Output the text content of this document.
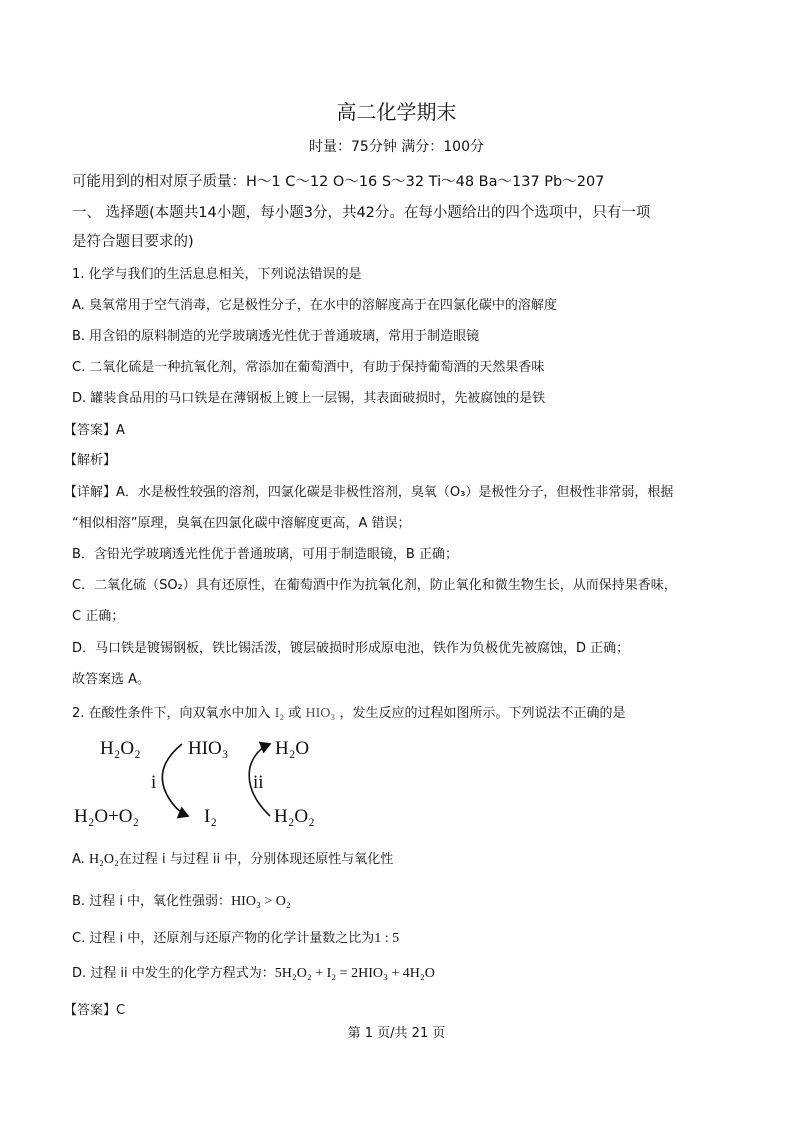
高二化学期末
时量：75分钟 满分：100分
可能用到的相对原子质量：H～1 C～12 O～16 S～32 Ti～48 Ba～137 Pb～207
一、 选择题(本题共14小题，每小题3分，共42分。在每小题给出的四个选项中，只有一项
是符合题目要求的)
1. 化学与我们的生活息息相关，下列说法错误的是
A. 臭氧常用于空气消毒，它是极性分子，在水中的溶解度高于在四氯化碳中的溶解度
B. 用含铅的原料制造的光学玻璃透光性优于普通玻璃，常用于制造眼镜
C. 二氧化硫是一种抗氧化剂，常添加在葡萄酒中，有助于保持葡萄酒的天然果香味
D. 罐装食品用的马口铁是在薄钢板上镀上一层锡，其表面破损时，先被腐蚀的是铁
【答案】A
【解析】
【详解】A．水是极性较强的溶剂，四氯化碳是非极性溶剂，臭氧（O₃）是极性分子，但极性非常弱，根据
“相似相溶”原理，臭氧在四氯化碳中溶解度更高，A 错误；
B．含铅光学玻璃透光性优于普通玻璃，可用于制造眼镜，B 正确；
C．二氧化硫（SO₂）具有还原性，在葡萄酒中作为抗氧化剂，防止氧化和微生物生长，从而保持果香味，
C 正确；
D．马口铁是镀锡钢板，铁比锡活泼，镀层破损时形成原电池，铁作为负极优先被腐蚀，D 正确；
故答案选 A。
2. 在酸性条件下，向双氧水中加入 I₂ 或 HIO₃ ，发生反应的过程如图所示。下列说法不正确的是
H₂O₂ HIO₃ H₂O
i	ii
H₂O+O₂	I₂	H₂O₂
A. H₂O₂在过程 i 与过程 ii 中，分别体现还原性与氧化性
B. 过程 i 中，氧化性强弱：HIO₃ > O₂
C. 过程 i 中，还原剂与还原产物的化学计量数之比为1 : 5
D. 过程 ii 中发生的化学方程式为：5H₂O₂ + I₂ = 2HIO₃ + 4H₂O
【答案】C
第 1 页/共 21 页
